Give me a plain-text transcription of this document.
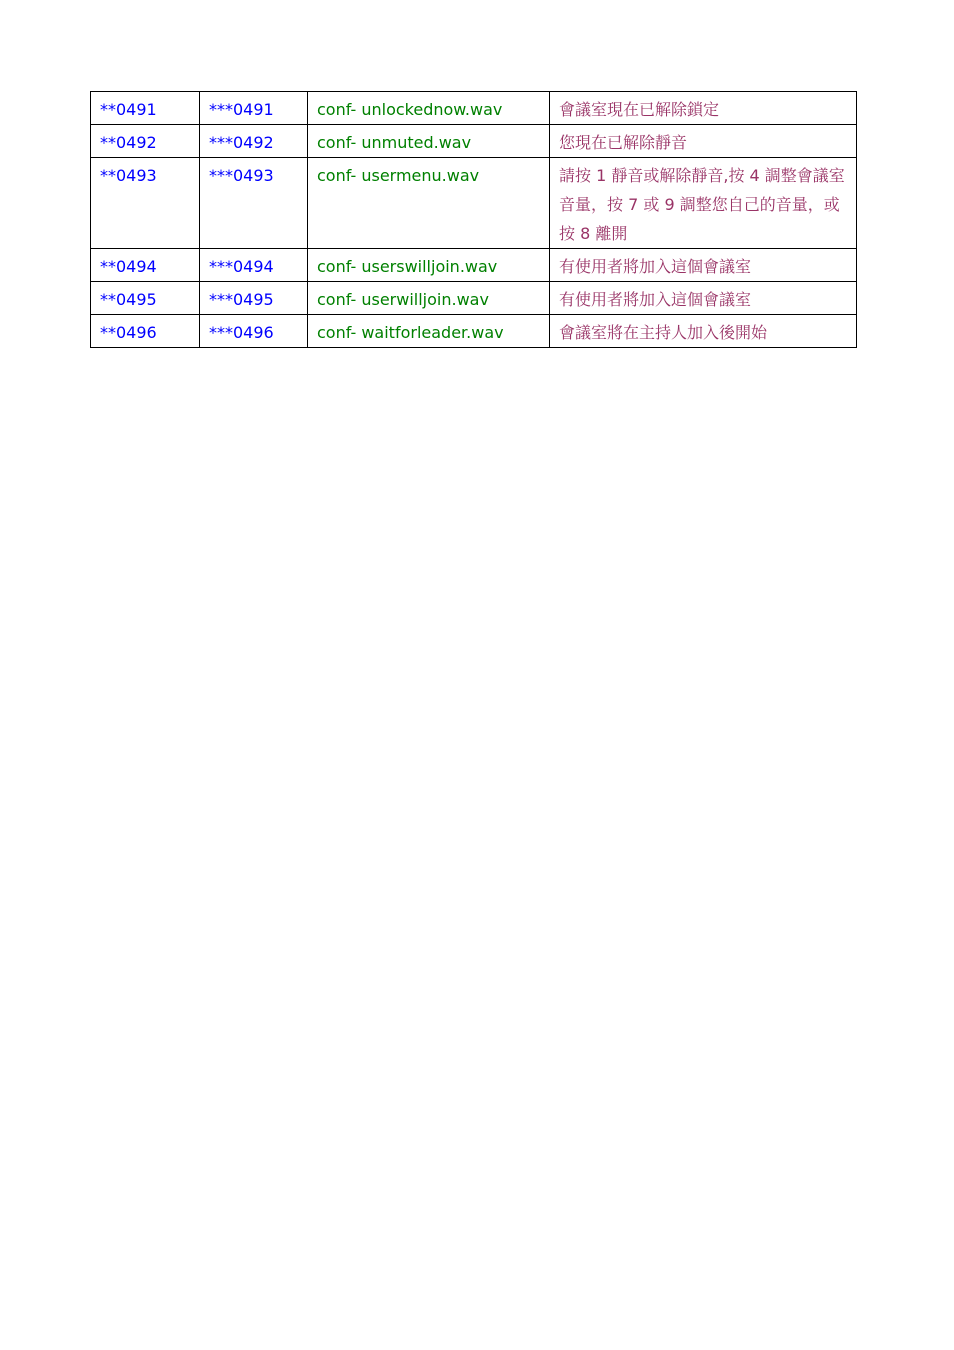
**0491	***0491	conf- unlockednow.wav	會議室現在已解除鎖定
**0492	***0492	conf- unmuted.wav	您現在已解除靜音
**0493	***0493	conf- usermenu.wav	請按 1 靜音或解除靜音,按 4 調整會議室音量，按 7 或 9 調整您自己的音量，或按 8 離開
**0494	***0494	conf- userswilljoin.wav	有使用者將加入這個會議室
**0495	***0495	conf- userwilljoin.wav	有使用者將加入這個會議室
**0496	***0496	conf- waitforleader.wav	會議室將在主持人加入後開始
